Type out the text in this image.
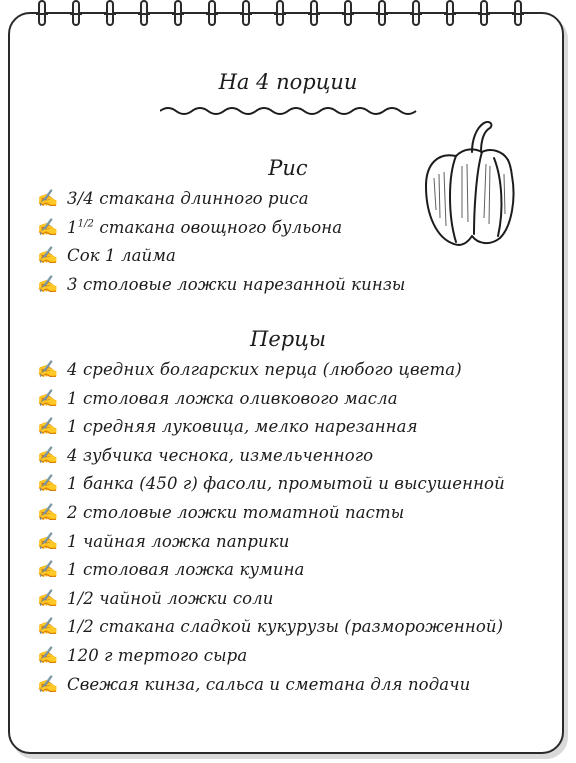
На 4 порции
Рис
✍ 3/4 стакана длинного риса
✍ $1^{1/2}$ стакана овощного бульона
✍ Сок 1 лайма
✍ 3 столовые ложки нарезанной кинзы
Перцы
✍ 4 средних болгарских перца (любого цвета)
✍ 1 столовая ложка оливкового масла
✍ 1 средняя луковица, мелко нарезанная
✍ 4 зубчика чеснока, измельченного
✍ 1 банка (450 г) фасоли, промытой и высушенной
✍ 2 столовые ложки томатной пасты
✍ 1 чайная ложка паприки
✍ 1 столовая ложка кумина
✍ 1/2 чайной ложки соли
✍ 1/2 стакана сладкой кукурузы (размороженной)
✍ 120 г тертого сыра
✍ Свежая кинза, сальса и сметана для подачи
